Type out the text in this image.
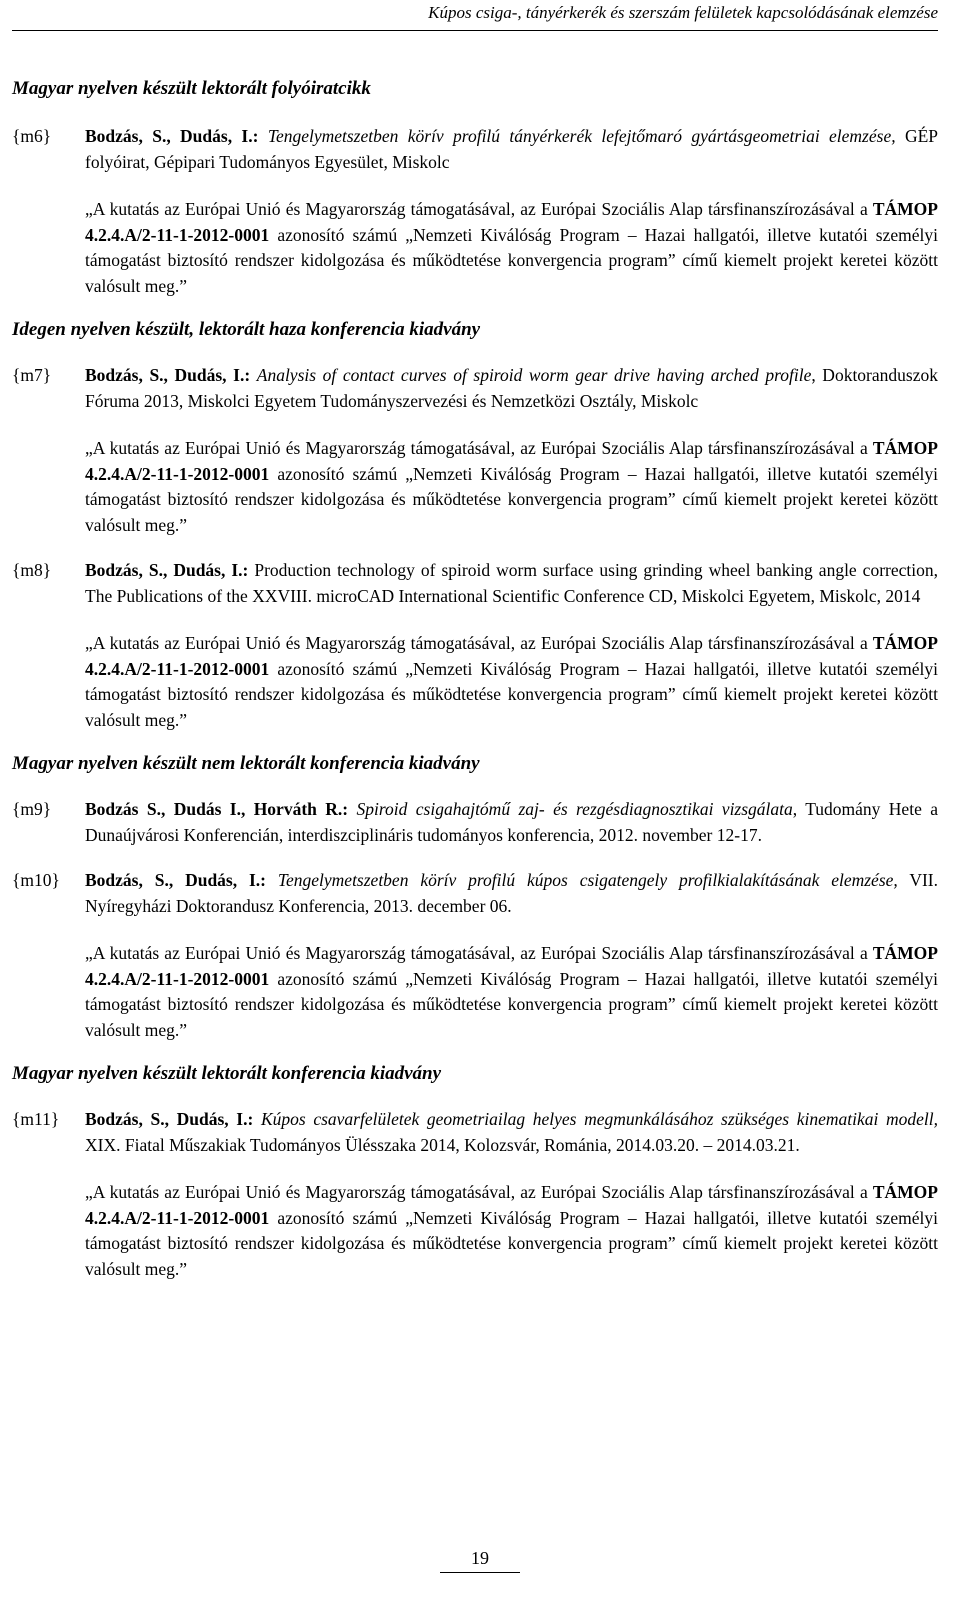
Kúpos csiga-, tányérkerék és szerszám felületek kapcsolódásának elemzése
Magyar nyelven készült lektorált folyóiratcikk
{m6}	Bodzás, S., Dudás, I.: Tengelymetszetben körív profilú tányérkerék lefejtőmaró gyártásgeometriai elemzése, GÉP folyóirat, Gépipari Tudományos Egyesület, Miskolc

„A kutatás az Európai Unió és Magyarország támogatásával, az Európai Szociális Alap társfinanszírozásával a TÁMOP 4.2.4.A/2-11-1-2012-0001 azonosító számú „Nemzeti Kiválóság Program – Hazai hallgatói, illetve kutatói személyi támogatást biztosító rendszer kidolgozása és működtetése konvergencia program” című kiemelt projekt keretei között valósult meg.”

Idegen nyelven készült, lektorált haza konferencia kiadvány
{m7}	Bodzás, S., Dudás, I.: Analysis of contact curves of spiroid worm gear drive having arched profile, Doktoranduszok Fóruma 2013, Miskolci Egyetem Tudományszervezési és Nemzetközi Osztály, Miskolc

„A kutatás az Európai Unió és Magyarország támogatásával, az Európai Szociális Alap társfinanszírozásával a TÁMOP 4.2.4.A/2-11-1-2012-0001 azonosító számú „Nemzeti Kiválóság Program – Hazai hallgatói, illetve kutatói személyi támogatást biztosító rendszer kidolgozása és működtetése konvergencia program” című kiemelt projekt keretei között valósult meg.”

{m8}	Bodzás, S., Dudás, I.: Production technology of spiroid worm surface using grinding wheel banking angle correction, The Publications of the XXVIII. microCAD International Scientific Conference CD, Miskolci Egyetem, Miskolc, 2014

„A kutatás az Európai Unió és Magyarország támogatásával, az Európai Szociális Alap társfinanszírozásával a TÁMOP 4.2.4.A/2-11-1-2012-0001 azonosító számú „Nemzeti Kiválóság Program – Hazai hallgatói, illetve kutatói személyi támogatást biztosító rendszer kidolgozása és működtetése konvergencia program” című kiemelt projekt keretei között valósult meg.”

Magyar nyelven készült nem lektorált konferencia kiadvány
{m9}	Bodzás S., Dudás I., Horváth R.: Spiroid csigahajtómű zaj- és rezgésdiagnosztikai vizsgálata, Tudomány Hete a Dunaújvárosi Konferencián, interdiszciplináris tudományos konferencia, 2012. november 12-17.

{m10}	Bodzás, S., Dudás, I.: Tengelymetszetben körív profilú kúpos csigatengely profilkialakításának elemzése, VII. Nyíregyházi Doktorandusz Konferencia, 2013. december 06.

„A kutatás az Európai Unió és Magyarország támogatásával, az Európai Szociális Alap társfinanszírozásával a TÁMOP 4.2.4.A/2-11-1-2012-0001 azonosító számú „Nemzeti Kiválóság Program – Hazai hallgatói, illetve kutatói személyi támogatást biztosító rendszer kidolgozása és működtetése konvergencia program” című kiemelt projekt keretei között valósult meg.”

Magyar nyelven készült lektorált konferencia kiadvány
{m11}	Bodzás, S., Dudás, I.: Kúpos csavarfelületek geometriailag helyes megmunkálásához szükséges kinematikai modell, XIX. Fiatal Műszakiak Tudományos Ülésszaka 2014, Kolozsvár, Románia, 2014.03.20. – 2014.03.21.

„A kutatás az Európai Unió és Magyarország támogatásával, az Európai Szociális Alap társfinanszírozásával a TÁMOP 4.2.4.A/2-11-1-2012-0001 azonosító számú „Nemzeti Kiválóság Program – Hazai hallgatói, illetve kutatói személyi támogatást biztosító rendszer kidolgozása és működtetése konvergencia program” című kiemelt projekt keretei között valósult meg.”

19
